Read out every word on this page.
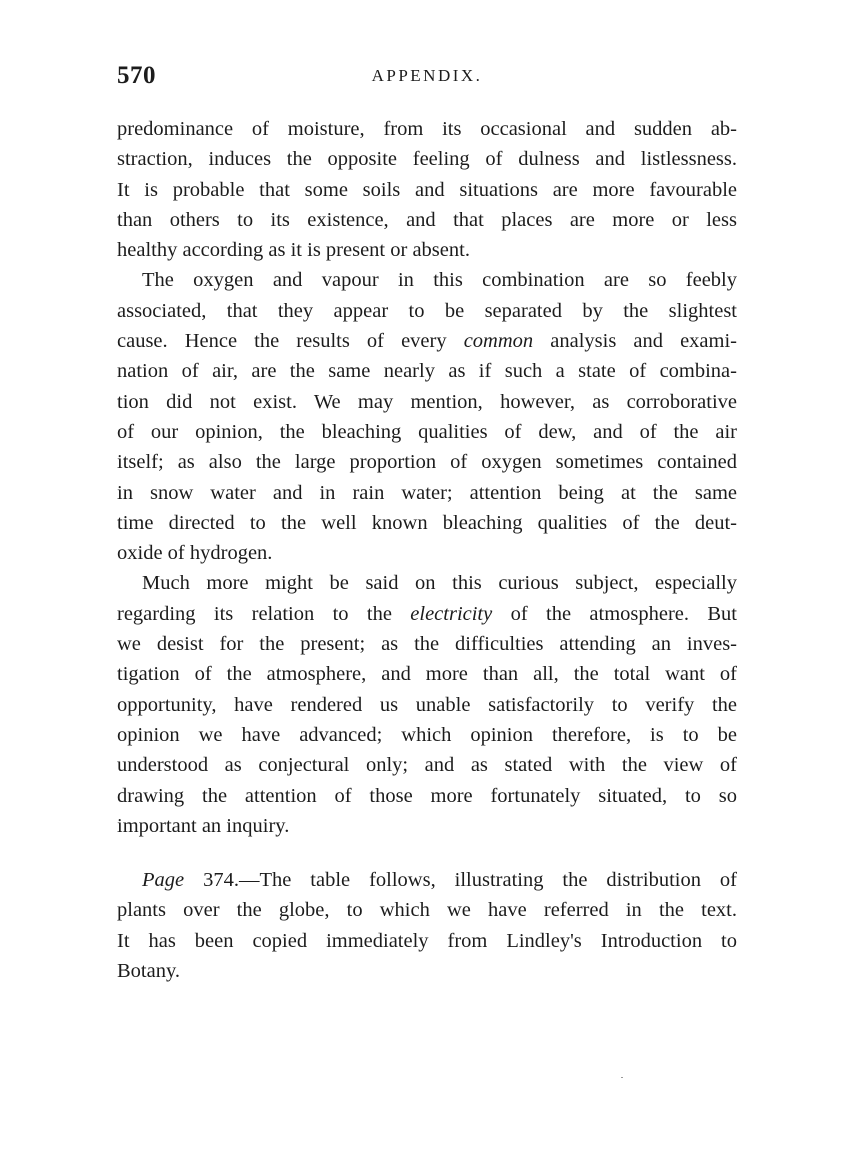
570	APPENDIX.
predominance of moisture, from its occasional and sudden ab-
straction, induces the opposite feeling of dulness and listlessness.
It is probable that some soils and situations are more favourable
than others to its existence, and that places are more or less
healthy according as it is present or absent.
The oxygen and vapour in this combination are so feebly
associated, that they appear to be separated by the slightest
cause. Hence the results of every common analysis and exami-
nation of air, are the same nearly as if such a state of combina-
tion did not exist. We may mention, however, as corroborative
of our opinion, the bleaching qualities of dew, and of the air
itself; as also the large proportion of oxygen sometimes contained
in snow water and in rain water; attention being at the same
time directed to the well known bleaching qualities of the deut-
oxide of hydrogen.
Much more might be said on this curious subject, especially
regarding its relation to the electricity of the atmosphere. But
we desist for the present; as the difficulties attending an inves-
tigation of the atmosphere, and more than all, the total want of
opportunity, have rendered us unable satisfactorily to verify the
opinion we have advanced; which opinion therefore, is to be
understood as conjectural only; and as stated with the view of
drawing the attention of those more fortunately situated, to so
important an inquiry.
Page 374.—The table follows, illustrating the distribution of
plants over the globe, to which we have referred in the text.
It has been copied immediately from Lindley's Introduction to
Botany.
